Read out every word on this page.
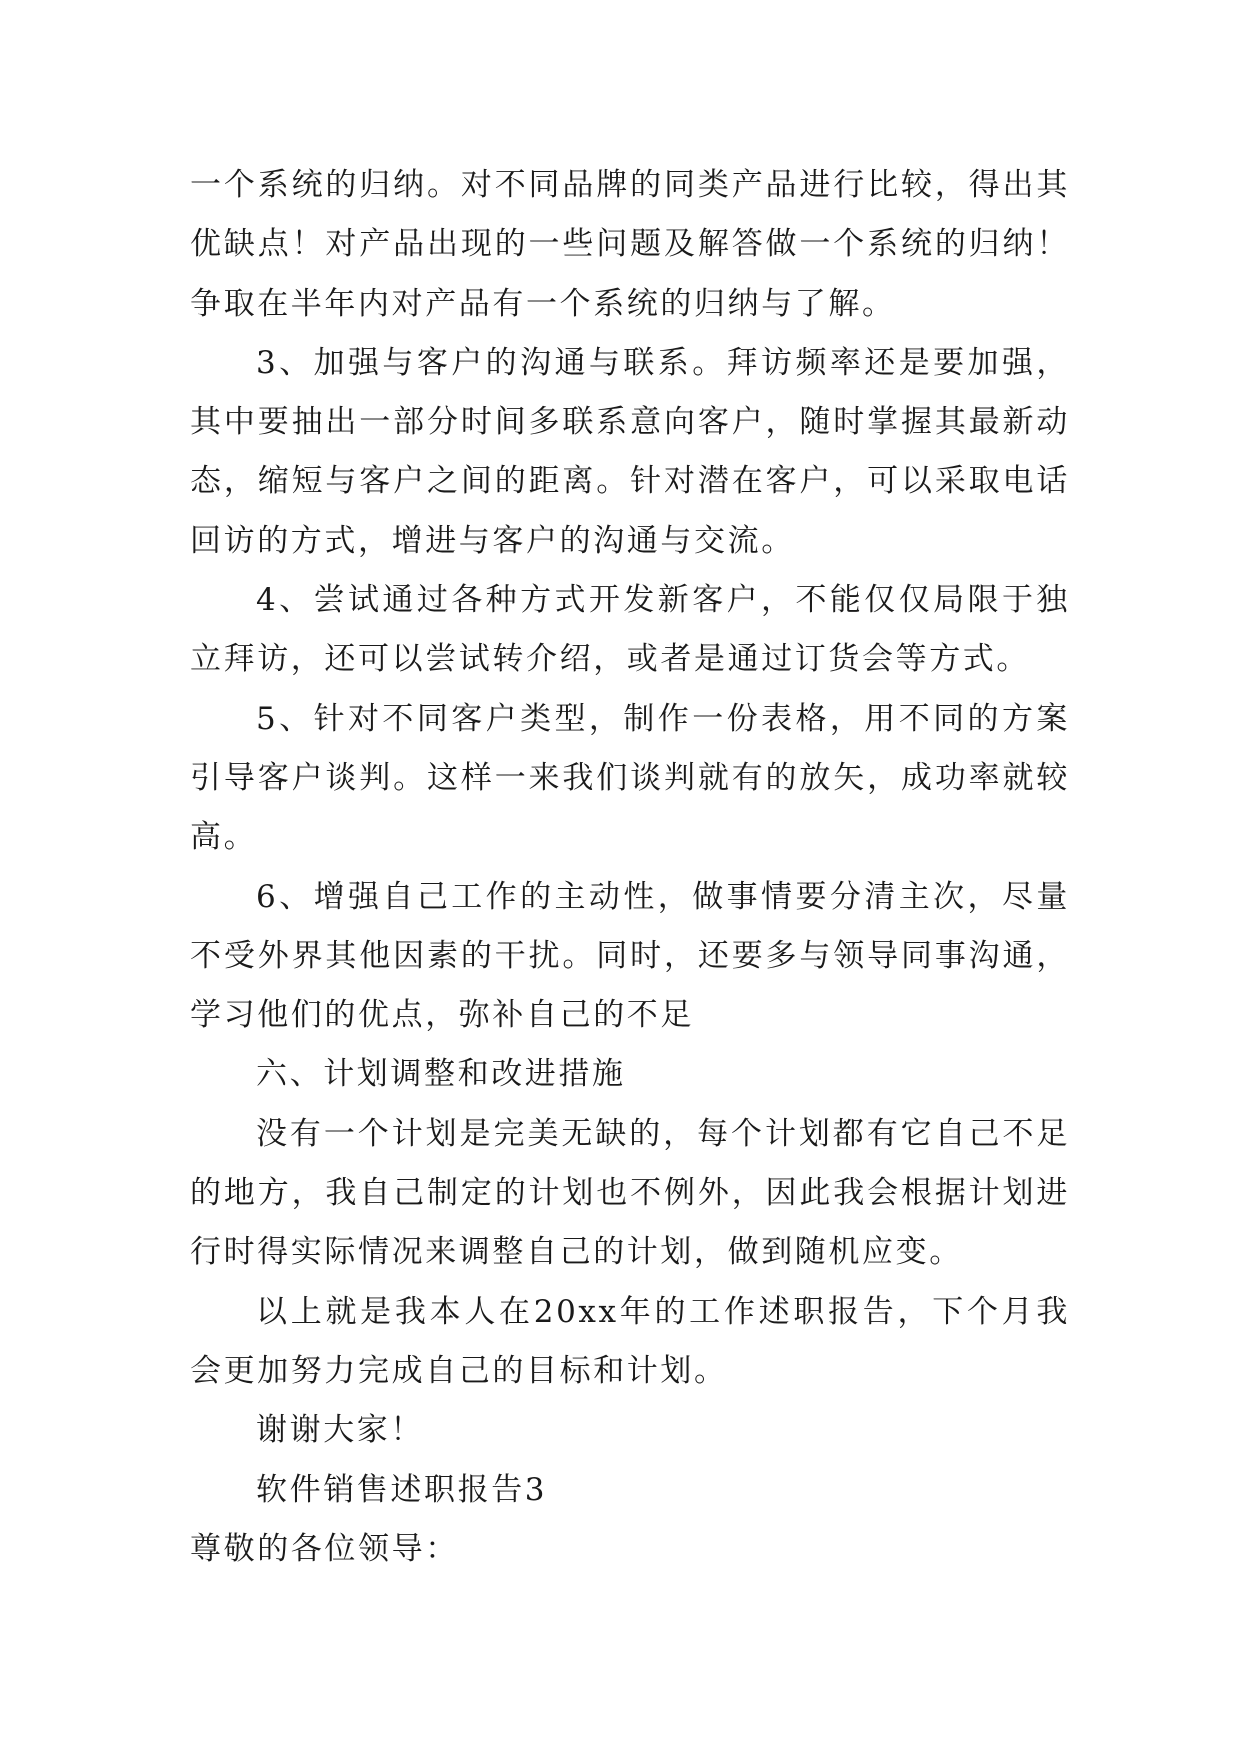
一个系统的归纳。对不同品牌的同类产品进行比较，得出其优缺点！对产品出现的一些问题及解答做一个系统的归纳！争取在半年内对产品有一个系统的归纳与了解。

3、加强与客户的沟通与联系。拜访频率还是要加强，其中要抽出一部分时间多联系意向客户，随时掌握其最新动态，缩短与客户之间的距离。针对潜在客户，可以采取电话回访的方式，增进与客户的沟通与交流。

4、尝试通过各种方式开发新客户，不能仅仅局限于独立拜访，还可以尝试转介绍，或者是通过订货会等方式。

5、针对不同客户类型，制作一份表格，用不同的方案引导客户谈判。这样一来我们谈判就有的放矢，成功率就较高。

6、增强自己工作的主动性，做事情要分清主次，尽量不受外界其他因素的干扰。同时，还要多与领导同事沟通，学习他们的优点，弥补自己的不足

六、计划调整和改进措施

没有一个计划是完美无缺的，每个计划都有它自己不足的地方，我自己制定的计划也不例外，因此我会根据计划进行时得实际情况来调整自己的计划，做到随机应变。

以上就是我本人在20xx年的工作述职报告，下个月我会更加努力完成自己的目标和计划。

谢谢大家！

软件销售述职报告3

尊敬的各位领导：
